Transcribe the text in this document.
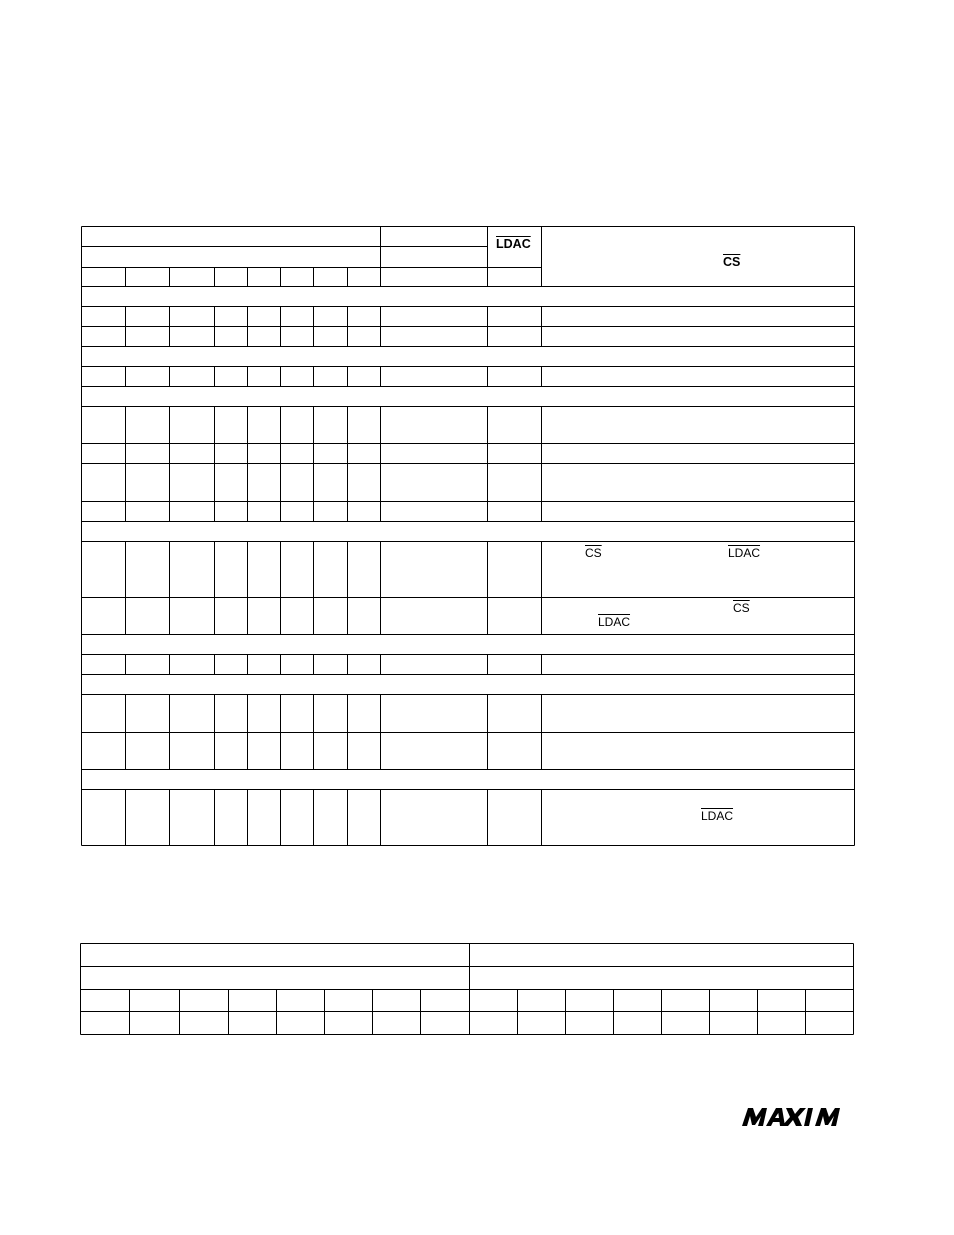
LDAC
$\overline{CS}$
$\overline{CS}$	LDAC
$\overline{CS}$
LDAC
LDAC
